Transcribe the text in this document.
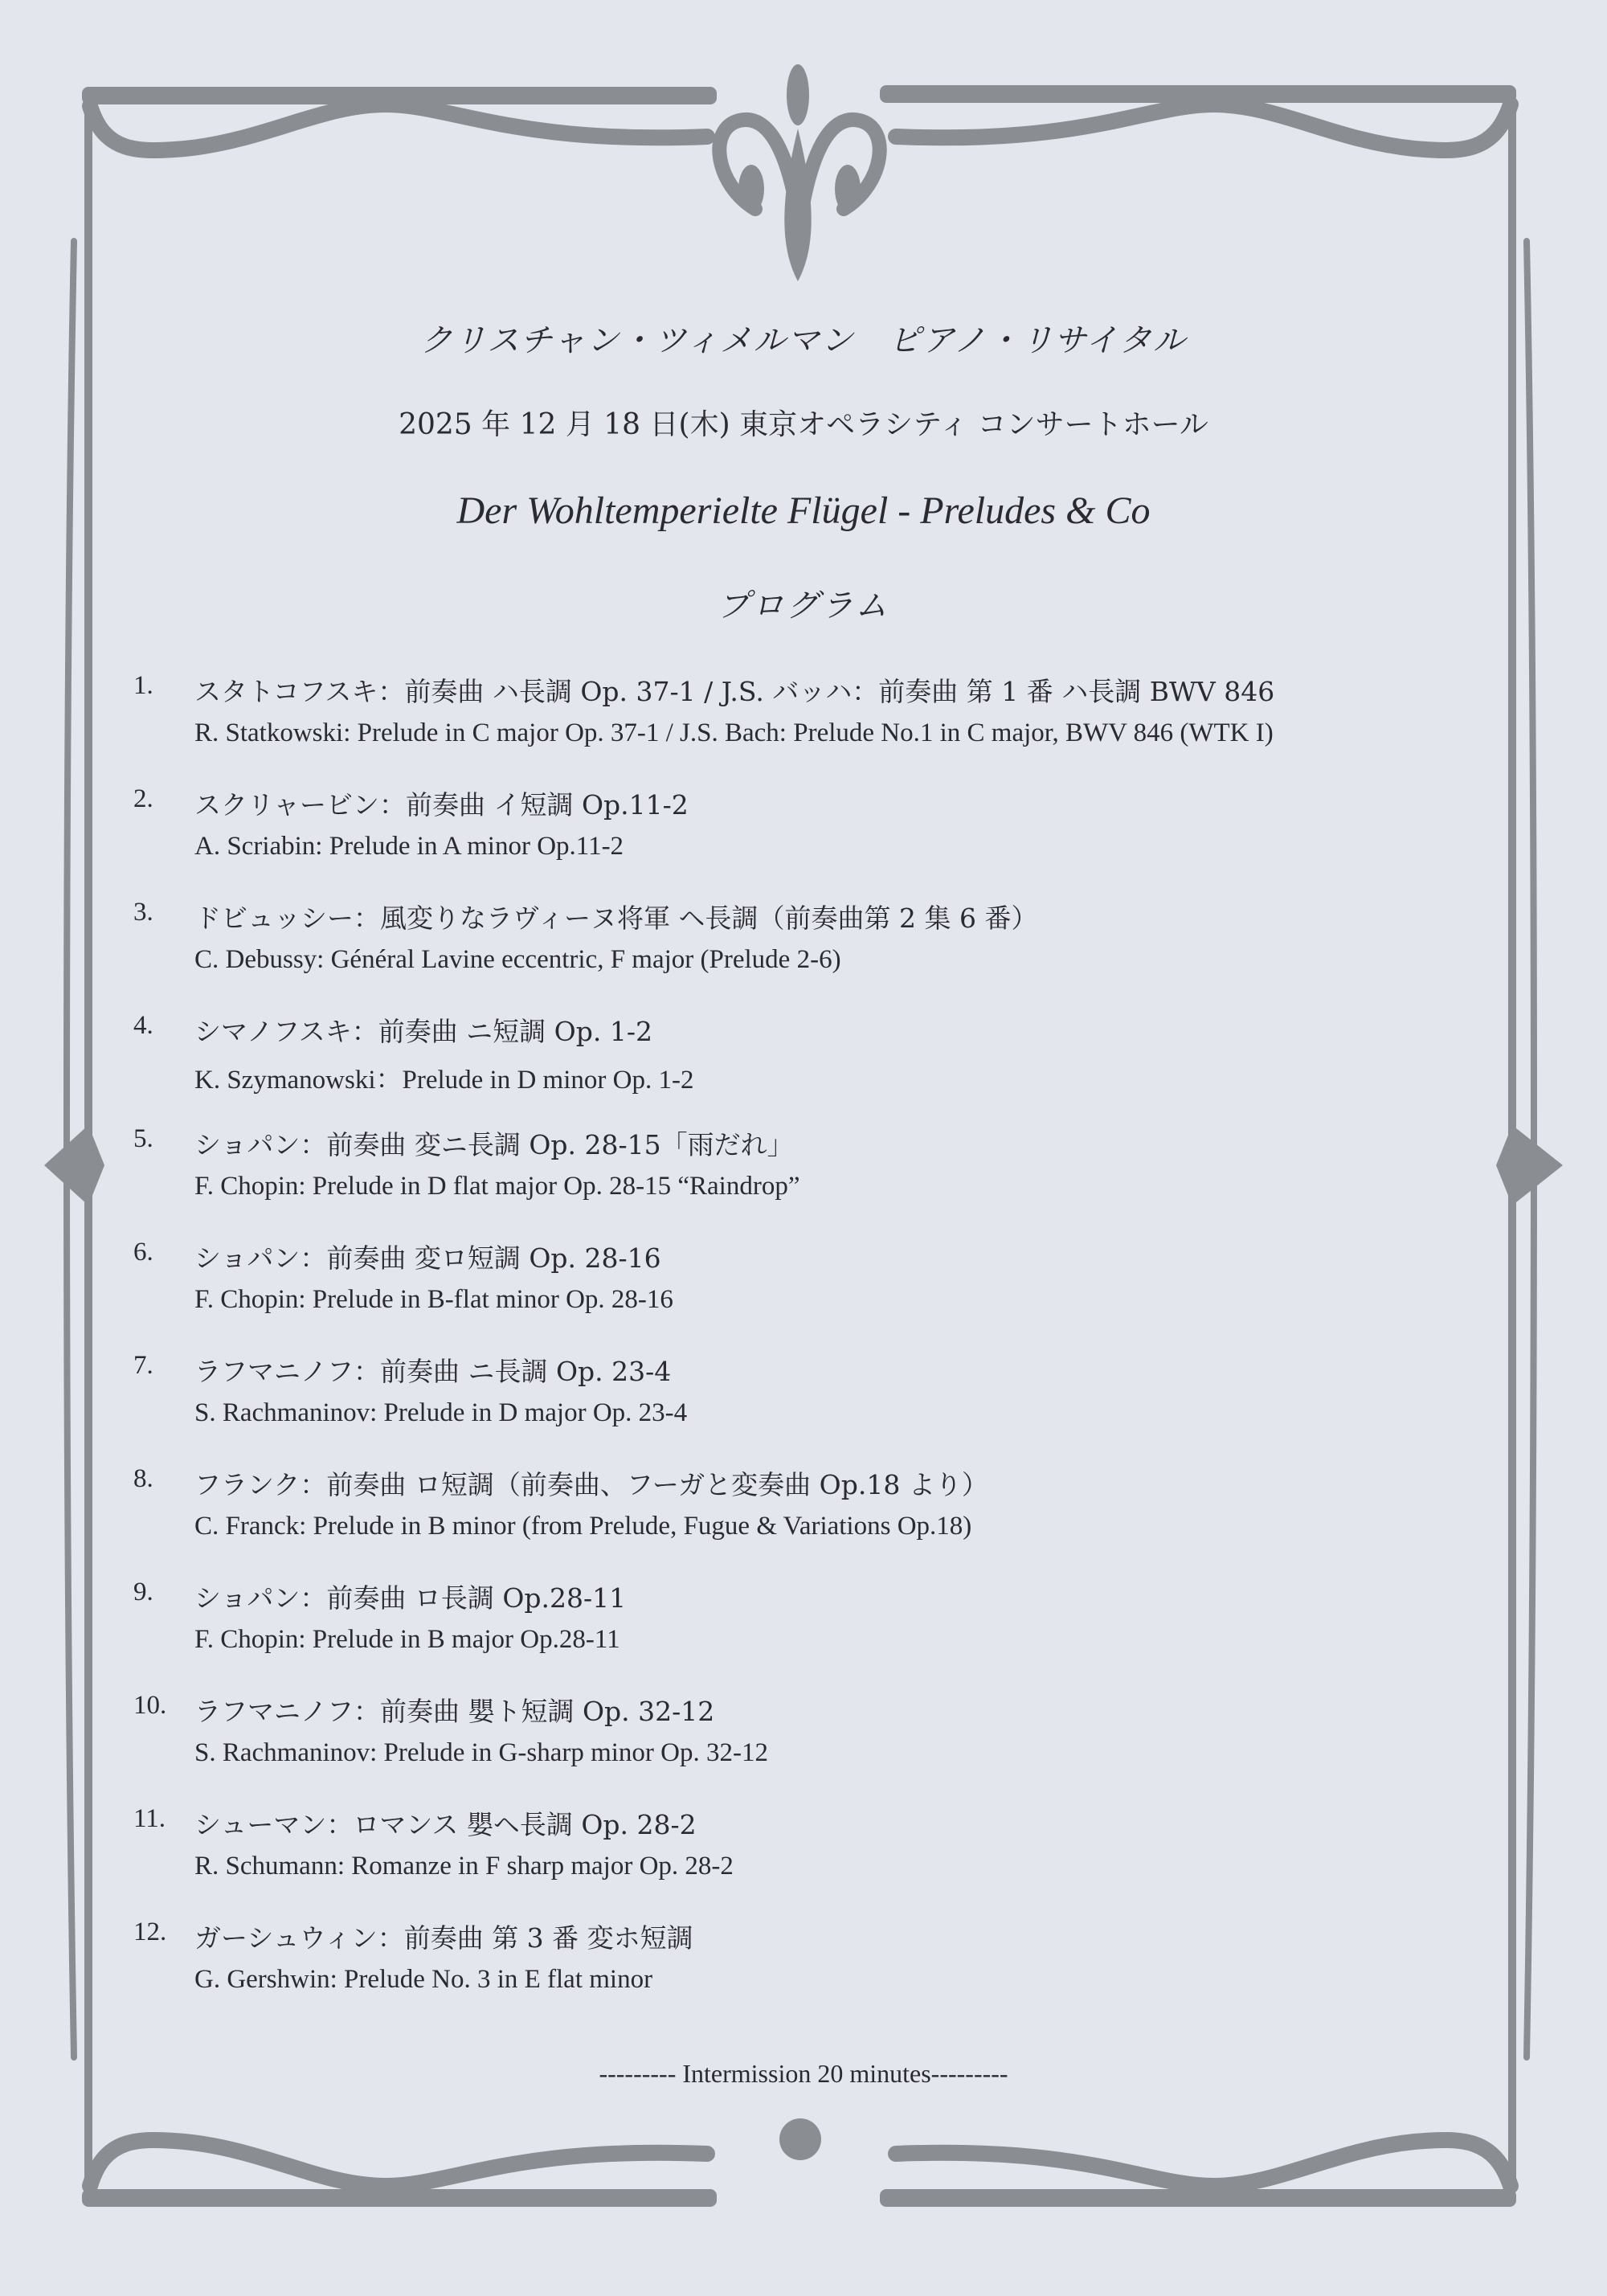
クリスチャン・ツィメルマン　ピアノ・リサイタル
2025 年 12 月 18 日(木) 東京オペラシティ コンサートホール
Der Wohltemperielte Flügel - Preludes & Co
プログラム
1. スタトコフスキ：前奏曲 ハ長調 Op. 37-1 / J.S. バッハ：前奏曲 第 1 番 ハ長調 BWV 846
R. Statkowski: Prelude in C major Op. 37-1 / J.S. Bach: Prelude No.1 in C major, BWV 846 (WTK I)
2. スクリャービン：前奏曲 イ短調 Op.11-2
A. Scriabin: Prelude in A minor Op.11-2
3. ドビュッシー：風変りなラヴィーヌ将軍 ヘ長調（前奏曲第 2 集 6 番）
C. Debussy: Général Lavine eccentric, F major (Prelude 2-6)
4. シマノフスキ：前奏曲 ニ短調 Op. 1-2
K. Szymanowski：Prelude in D minor Op. 1-2
5. ショパン：前奏曲 変ニ長調 Op. 28-15「雨だれ」
F. Chopin: Prelude in D flat major Op. 28-15 “Raindrop”
6. ショパン：前奏曲 変ロ短調 Op. 28-16
F. Chopin: Prelude in B-flat minor Op. 28-16
7. ラフマニノフ：前奏曲 ニ長調 Op. 23-4
S. Rachmaninov: Prelude in D major Op. 23-4
8. フランク：前奏曲 ロ短調（前奏曲、フーガと変奏曲 Op.18 より）
C. Franck: Prelude in B minor (from Prelude, Fugue & Variations Op.18)
9. ショパン：前奏曲 ロ長調 Op.28-11
F. Chopin: Prelude in B major Op.28-11
10. ラフマニノフ：前奏曲 嬰ト短調 Op. 32-12
S. Rachmaninov: Prelude in G-sharp minor Op. 32-12
11. シューマン：ロマンス 嬰ヘ長調 Op. 28-2
R. Schumann: Romanze in F sharp major Op. 28-2
12. ガーシュウィン：前奏曲 第 3 番 変ホ短調
G. Gershwin: Prelude No. 3 in E flat minor
--------- Intermission 20 minutes---------
